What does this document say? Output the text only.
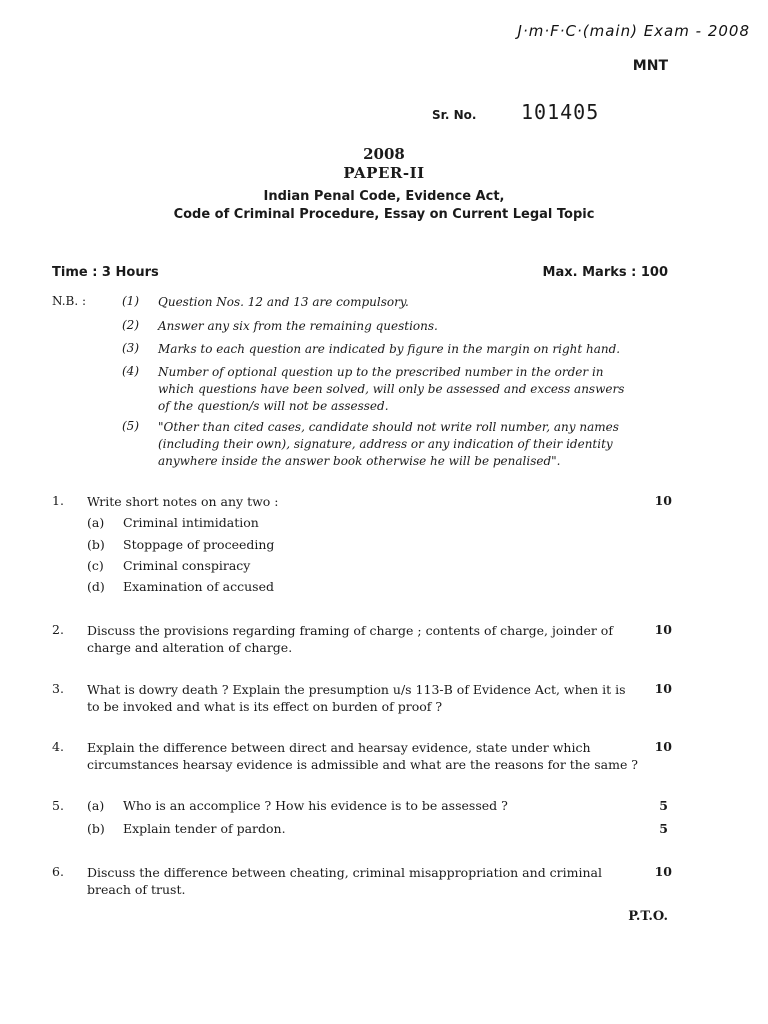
J·m·F·C·(main) Exam - 2008
MNT
Sr. No. 101405
2008
PAPER-II
Indian Penal Code, Evidence Act,
Code of Criminal Procedure, Essay on Current Legal Topic
Time : 3 Hours	Max. Marks : 100
N.B. :	(1) Question Nos. 12 and 13 are compulsory.
(2) Answer any six from the remaining questions.
(3) Marks to each question are indicated by figure in the margin on right hand.
(4) Number of optional question up to the prescribed number in the order in which questions have been solved, will only be assessed and excess answers of the question/s will not be assessed.
(5) "Other than cited cases, candidate should not write roll number, any names (including their own), signature, address or any indication of their identity anywhere inside the answer book otherwise he will be penalised".
1. Write short notes on any two :	10
(a) Criminal intimidation
(b) Stoppage of proceeding
(c) Criminal conspiracy
(d) Examination of accused
2. Discuss the provisions regarding framing of charge ; contents of charge, joinder of charge and alteration of charge.
10
3. What is dowry death ? Explain the presumption u/s 113-B of Evidence Act, when it is to be invoked and what is its effect on burden of proof ?
10
4. Explain the difference between direct and hearsay evidence, state under which circumstances hearsay evidence is admissible and what are the reasons for the same ?
10
5. (a) Who is an accomplice ? How his evidence is to be assessed ?	5
(b) Explain tender of pardon.	5
6. Discuss the difference between cheating, criminal misappropriation and criminal breach of trust.
10
P.T.O.
